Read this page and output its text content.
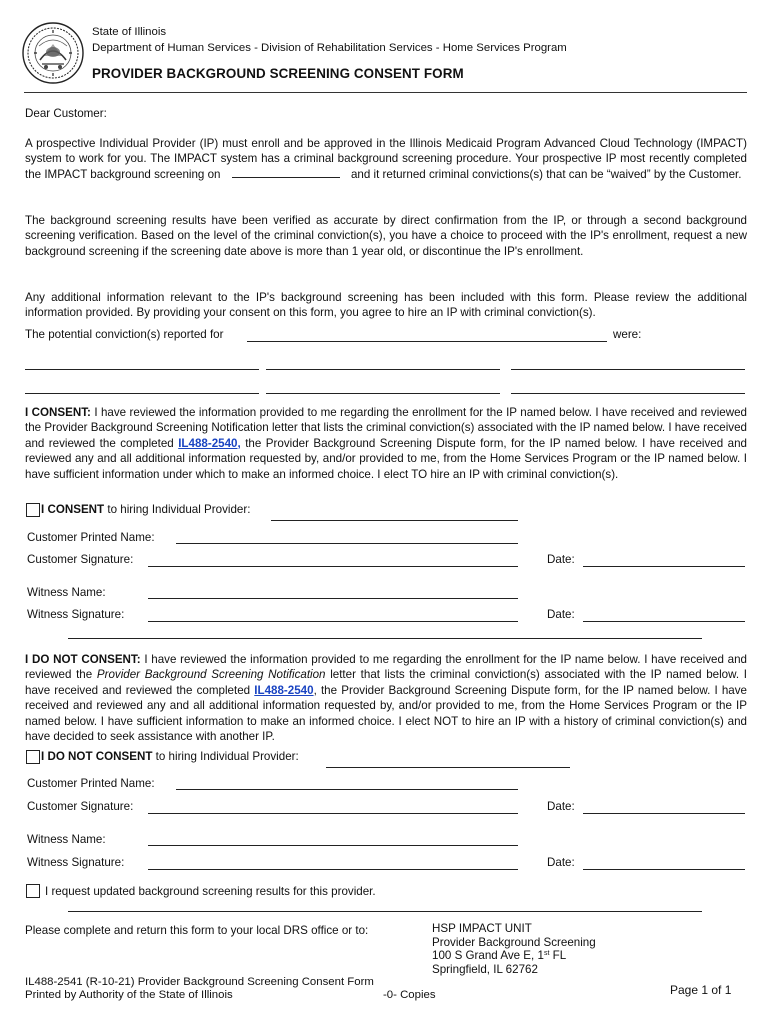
State of Illinois
Department of Human Services - Division of Rehabilitation Services - Home Services Program
PROVIDER BACKGROUND SCREENING CONSENT FORM
Dear Customer:
A prospective Individual Provider (IP) must enroll and be approved in the Illinois Medicaid Program Advanced Cloud Technology (IMPACT) system to work for you. The IMPACT system has a criminal background screening procedure. Your prospective IP most recently completed the IMPACT background screening on	and it returned criminal convictions(s) that can be “waived” by the Customer.
The background screening results have been verified as accurate by direct confirmation from the IP, or through a second background screening verification. Based on the level of the criminal conviction(s), you have a choice to proceed with the IP's enrollment, request a new background screening if the screening date above is more than 1 year old, or discontinue the IP's enrollment.
Any additional information relevant to the IP's background screening has been included with this form. Please review the additional information provided. By providing your consent on this form, you agree to hire an IP with criminal conviction(s).
The potential conviction(s) reported for	were:
I CONSENT: I have reviewed the information provided to me regarding the enrollment for the IP named below. I have received and reviewed the Provider Background Screening Notification letter that lists the criminal conviction(s) associated with the IP named below. I have received and reviewed the completed IL488-2540, the Provider Background Screening Dispute form, for the IP named below. I have received and reviewed any and all additional information requested by, and/or provided to me, from the Home Services Program or the IP named below. I have sufficient information under which to make an informed choice. I elect TO hire an IP with criminal conviction(s).
I CONSENT to hiring Individual Provider:
Customer Printed Name:
Customer Signature:	Date:
Witness Name:
Witness Signature:	Date:
I DO NOT CONSENT: I have reviewed the information provided to me regarding the enrollment for the IP name below. I have received and reviewed the Provider Background Screening Notification letter that lists the criminal conviction(s) associated with the IP named below. I have received and reviewed the completed IL488-2540, the Provider Background Screening Dispute form, for the IP named below. I have received and reviewed any and all additional information requested by, and/or provided to me, from the Home Services Program or the IP named below. I have sufficient information to make an informed choice. I elect NOT to hire an IP with a history of criminal conviction(s) and have decided to seek assistance with another IP.
I DO NOT CONSENT to hiring Individual Provider:
Customer Printed Name:
Customer Signature:	Date:
Witness Name:
Witness Signature:	Date:
I request updated background screening results for this provider.
Please complete and return this form to your local DRS office or to:	HSP IMPACT UNIT
Provider Background Screening
100 S Grand Ave E, 1st FL
Springfield, IL 62762
IL488-2541 (R-10-21) Provider Background Screening Consent Form
Printed by Authority of the State of Illinois	-0- Copies	Page 1 of 1
